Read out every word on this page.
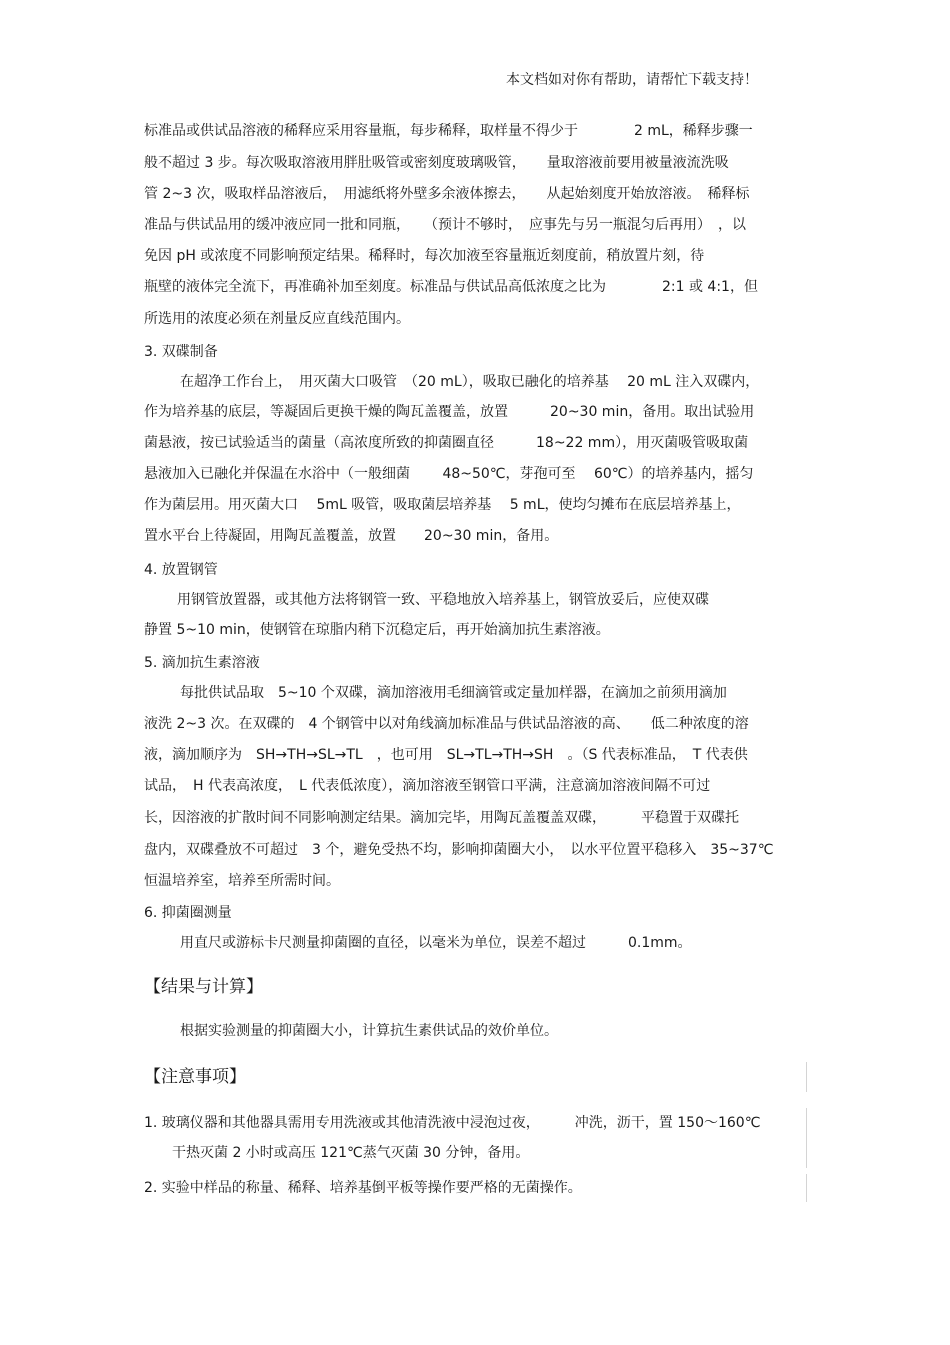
本文档如对你有帮助，请帮忙下载支持！
标准品或供试品溶液的稀释应采用容量瓶，每步稀释，取样量不得少于　　　　2 mL，稀释步骤一
般不超过 3 步。每次吸取溶液用胖肚吸管或密刻度玻璃吸管，　　量取溶液前要用被量液流洗吸
管 2~3 次，吸取样品溶液后，　用滤纸将外壁多余液体擦去，　　从起始刻度开始放溶液。　稀释标
准品与供试品用的缓冲液应同一批和同瓶，　　（预计不够时，　应事先与另一瓶混匀后再用）　，以
免因 pH 或浓度不同影响预定结果。稀释时，每次加液至容量瓶近刻度前，稍放置片刻，待
瓶壁的液体完全流下，再准确补加至刻度。标准品与供试品高低浓度之比为　　　　2:1 或 4:1，但
所选用的浓度必须在剂量反应直线范围内。
3. 双碟制备
在超净工作台上，　用灭菌大口吸管　（20 mL），吸取已融化的培养基　 20 mL 注入双碟内，
作为培养基的底层，等凝固后更换干燥的陶瓦盖覆盖，放置　　　20~30 min，备用。取出试验用
菌悬液，按已试验适当的菌量（高浓度所致的抑菌圈直径　　　18~22 mm），用灭菌吸管吸取菌
悬液加入已融化并保温在水浴中（一般细菌　　 48~50℃，芽孢可至　 60℃）的培养基内，摇匀
作为菌层用。用灭菌大口　 5mL 吸管，吸取菌层培养基　 5 mL，使均匀摊布在底层培养基上，
置水平台上待凝固，用陶瓦盖覆盖，放置　　20~30 min，备用。
4. 放置钢管
用钢管放置器，或其他方法将钢管一致、平稳地放入培养基上，钢管放妥后，应使双碟
静置 5~10 min，使钢管在琼脂内稍下沉稳定后，再开始滴加抗生素溶液。
5. 滴加抗生素溶液
每批供试品取　5~10 个双碟，滴加溶液用毛细滴管或定量加样器，在滴加之前须用滴加
液洗 2~3 次。在双碟的　4 个钢管中以对角线滴加标准品与供试品溶液的高、　　低二种浓度的溶
液，滴加顺序为　SH→TH→SL→TL　，也可用　SL→TL→TH→SH　。（S 代表标准品，　T 代表供
试品，　H 代表高浓度，　L 代表低浓度），滴加溶液至钢管口平满，注意滴加溶液间隔不可过
长，因溶液的扩散时间不同影响测定结果。滴加完毕，用陶瓦盖覆盖双碟，　　　平稳置于双碟托
盘内，双碟叠放不可超过　3 个，避免受热不均，影响抑菌圈大小，　以水平位置平稳移入　35~37℃
恒温培养室，培养至所需时间。
6. 抑菌圈测量
用直尺或游标卡尺测量抑菌圈的直径，以毫米为单位，误差不超过　　　0.1mm。
【结果与计算】
根据实验测量的抑菌圈大小，计算抗生素供试品的效价单位。
【注意事项】
1. 玻璃仪器和其他器具需用专用洗液或其他清洗液中浸泡过夜，　　　冲洗，沥干，置 150～160℃
干热灭菌 2 小时或高压 121℃蒸气灭菌 30 分钟，备用。
2. 实验中样品的称量、稀释、培养基倒平板等操作要严格的无菌操作。
